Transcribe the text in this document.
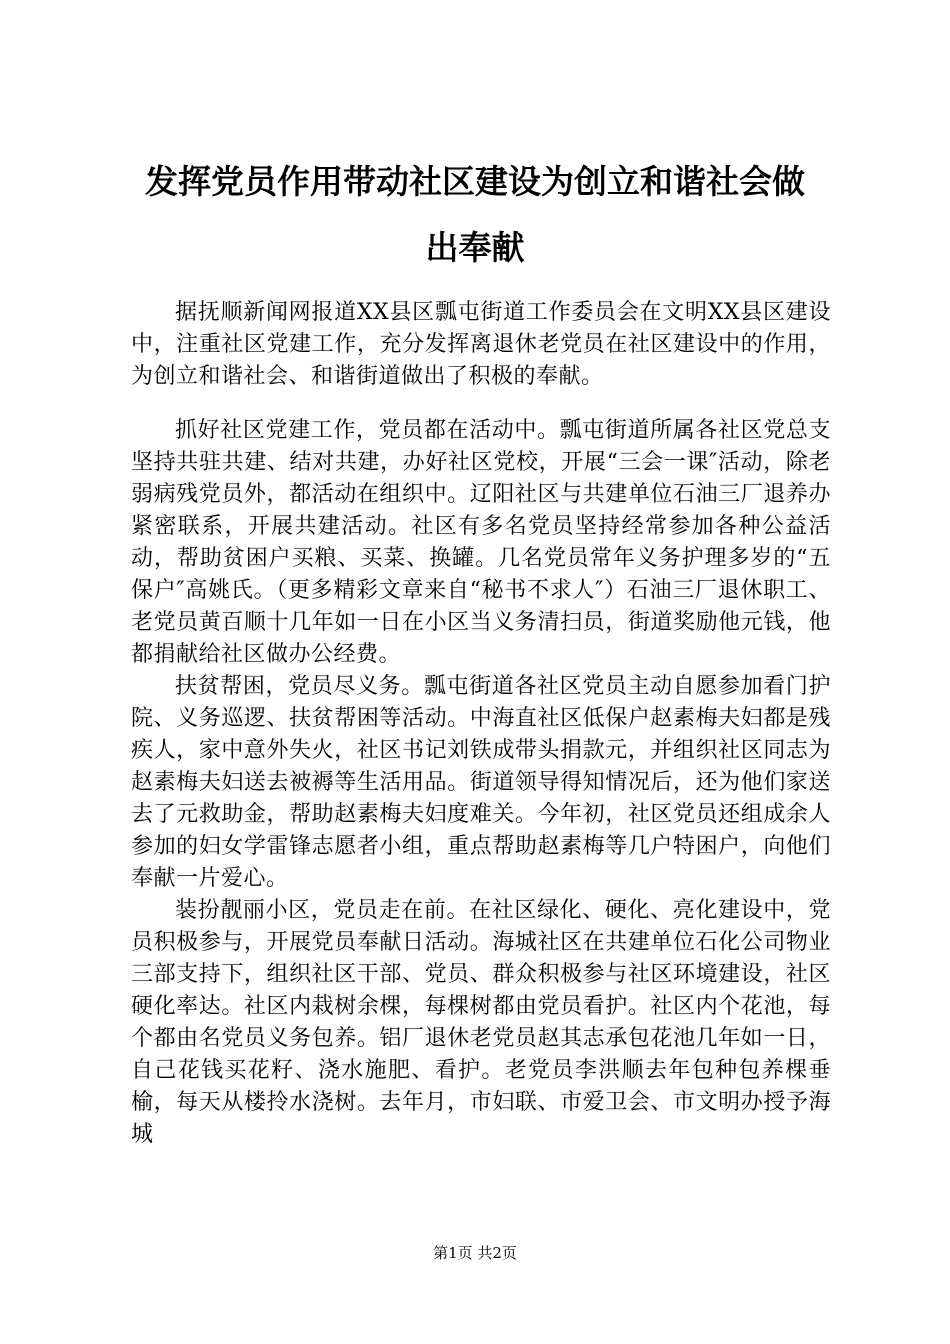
发挥党员作用带动社区建设为创立和谐社会做
出奉献

据抚顺新闻网报道XX县区瓢屯街道工作委员会在文明XX县区建设中，注重社区党建工作，充分发挥离退休老党员在社区建设中的作用，为创立和谐社会、和谐街道做出了积极的奉献。

抓好社区党建工作，党员都在活动中。瓢屯街道所属各社区党总支坚持共驻共建、结对共建，办好社区党校，开展“三会一课″活动，除老弱病残党员外，都活动在组织中。辽阳社区与共建单位石油三厂退养办紧密联系，开展共建活动。社区有多名党员坚持经常参加各种公益活动，帮助贫困户买粮、买菜、换罐。几名党员常年义务护理多岁的“五保户″高姚氏。（更多精彩文章来自“秘书不求人″）石油三厂退休职工、老党员黄百顺十几年如一日在小区当义务清扫员，街道奖励他元钱，他都捐献给社区做办公经费。

扶贫帮困，党员尽义务。瓢屯街道各社区党员主动自愿参加看门护院、义务巡逻、扶贫帮困等活动。中海直社区低保户赵素梅夫妇都是残疾人，家中意外失火，社区书记刘铁成带头捐款元，并组织社区同志为赵素梅夫妇送去被褥等生活用品。街道领导得知情况后，还为他们家送去了元救助金，帮助赵素梅夫妇度难关。今年初，社区党员还组成余人参加的妇女学雷锋志愿者小组，重点帮助赵素梅等几户特困户，向他们奉献一片爱心。

装扮靓丽小区，党员走在前。在社区绿化、硬化、亮化建设中，党员积极参与，开展党员奉献日活动。海城社区在共建单位石化公司物业三部支持下，组织社区干部、党员、群众积极参与社区环境建设，社区硬化率达。社区内栽树余棵，每棵树都由党员看护。社区内个花池，每个都由名党员义务包养。铝厂退休老党员赵其志承包花池几年如一日，自己花钱买花籽、浇水施肥、看护。老党员李洪顺去年包种包养棵垂榆，每天从楼拎水浇树。去年月，市妇联、市爱卫会、市文明办授予海城

第1页 共2页
